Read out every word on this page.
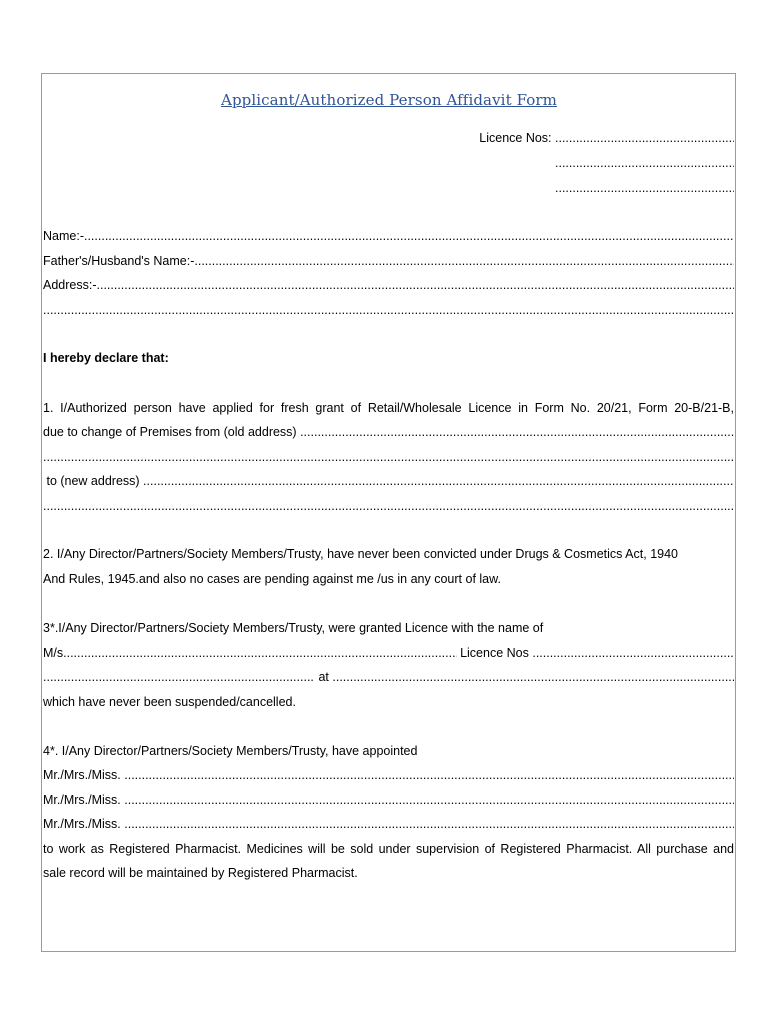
Applicant/Authorized Person Affidavit Form
Licence Nos:
.....
.....
.....
Name:-
.....
Father's/Husband's Name:-
.....
Address:-
.....
.....
I hereby declare that:
1. I/Authorized person have applied for fresh grant of Retail/Wholesale Licence in Form No. 20/21, Form 20-B/21-B,
due to change of Premises from (old address)
.....
.....
to (new address)
.....
.....
2. I/Any Director/Partners/Society Members/Trusty, have never been convicted under Drugs & Cosmetics Act, 1940
And Rules, 1945.and also no cases are pending against me /us in any court of law.
3*.I/Any Director/Partners/Society Members/Trusty, were granted Licence with the name of
M/s.
.....	Licence Nos
.....
.....
at
.....
which have never been suspended/cancelled.
4*. I/Any Director/Partners/Society Members/Trusty, have appointed
Mr./Mrs./Miss.
.....
Mr./Mrs./Miss.
.....
Mr./Mrs./Miss.
.....
to work as Registered Pharmacist. Medicines will be sold under supervision of Registered Pharmacist. All purchase and
sale record will be maintained by Registered Pharmacist.
